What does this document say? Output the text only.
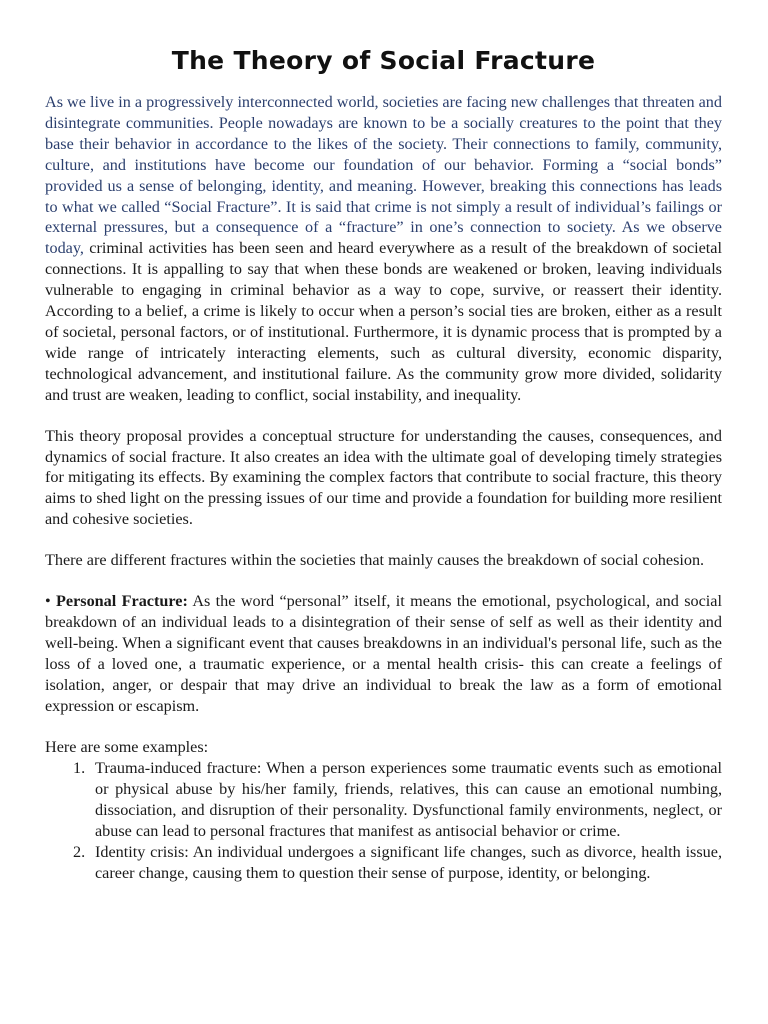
The Theory of Social Fracture

As we live in a progressively interconnected world, societies are facing new challenges that threaten and disintegrate communities. People nowadays are known to be a socially creatures to the point that they base their behavior in accordance to the likes of the society. Their connections to family, community, culture, and institutions have become our foundation of our behavior. Forming a “social bonds” provided us a sense of belonging, identity, and meaning. However, breaking this connections has leads to what we called “Social Fracture”. It is said that crime is not simply a result of individual’s failings or external pressures, but a consequence of a “fracture” in one’s connection to society. As we observe today, criminal activities has been seen and heard everywhere as a result of the breakdown of societal connections. It is appalling to say that when these bonds are weakened or broken, leaving individuals vulnerable to engaging in criminal behavior as a way to cope, survive, or reassert their identity. According to a belief, a crime is likely to occur when a person’s social ties are broken, either as a result of societal, personal factors, or of institutional. Furthermore, it is dynamic process that is prompted by a wide range of intricately interacting elements, such as cultural diversity, economic disparity, technological advancement, and institutional failure. As the community grow more divided, solidarity and trust are weaken, leading to conflict, social instability, and inequality.

This theory proposal provides a conceptual structure for understanding the causes, consequences, and dynamics of social fracture. It also creates an idea with the ultimate goal of developing timely strategies for mitigating its effects. By examining the complex factors that contribute to social fracture, this theory aims to shed light on the pressing issues of our time and provide a foundation for building more resilient and cohesive societies.

There are different fractures within the societies that mainly causes the breakdown of social cohesion.

• Personal Fracture: As the word “personal” itself, it means the emotional, psychological, and social breakdown of an individual leads to a disintegration of their sense of self as well as their identity and well-being. When a significant event that causes breakdowns in an individual's personal life, such as the loss of a loved one, a traumatic experience, or a mental health crisis- this can create a feelings of isolation, anger, or despair that may drive an individual to break the law as a form of emotional expression or escapism.

Here are some examples:

1. Trauma-induced fracture: When a person experiences some traumatic events such as emotional or physical abuse by his/her family, friends, relatives, this can cause an emotional numbing, dissociation, and disruption of their personality. Dysfunctional family environments, neglect, or abuse can lead to personal fractures that manifest as antisocial behavior or crime.
2. Identity crisis: An individual undergoes a significant life changes, such as divorce, health issue, career change, causing them to question their sense of purpose, identity, or belonging.
